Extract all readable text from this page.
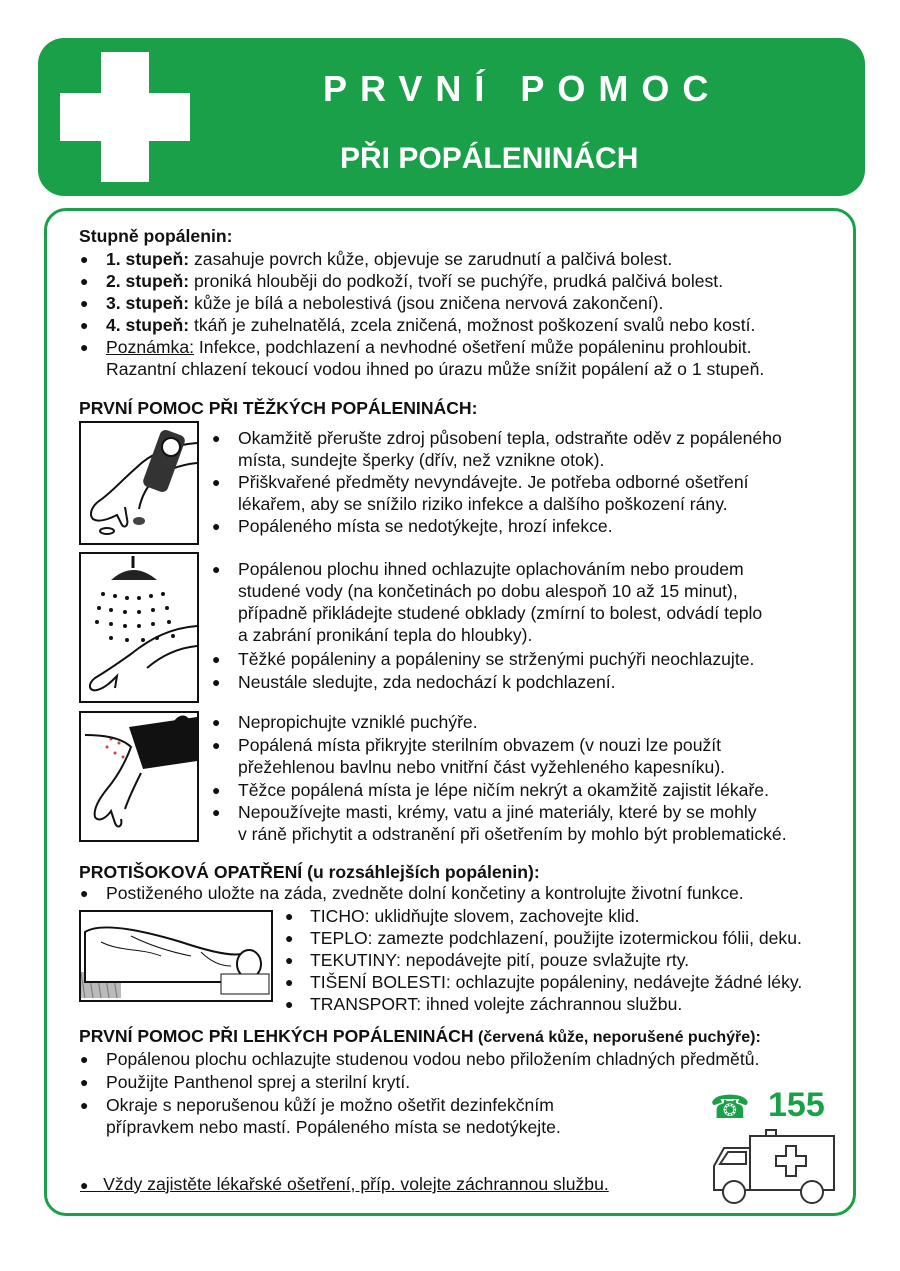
PRVNÍ POMOC
PŘI POPÁLENINÁCH
Stupně popálenin:
● 1. stupeň: zasahuje povrch kůže, objevuje se zarudnutí a palčivá bolest.
● 2. stupeň: proniká hlouběji do podkoží, tvoří se puchýře, prudká palčivá bolest.
● 3. stupeň: kůže je bílá a nebolestivá (jsou zničena nervová zakončení).
● 4. stupeň: tkáň je zuhelnatělá, zcela zničená, možnost poškození svalů nebo kostí.
● Poznámka: Infekce, podchlazení a nevhodné ošetření může popáleninu prohloubit.
Razantní chlazení tekoucí vodou ihned po úrazu může snížit popálení až o 1 stupeň.
PRVNÍ POMOC PŘI TĚŽKÝCH POPÁLENINÁCH:
● Okamžitě přerušte zdroj působení tepla, odstraňte oděv z popáleného
místa, sundejte šperky (dřív, než vznikne otok).
● Přiškvařené předměty nevyndávejte. Je potřeba odborné ošetření
lékařem, aby se snížilo riziko infekce a dalšího poškození rány.
● Popáleného místa se nedotýkejte, hrozí infekce.
● Popálenou plochu ihned ochlazujte oplachováním nebo proudem
studené vody (na končetinách po dobu alespoň 10 až 15 minut),
případně přikládejte studené obklady (zmírní to bolest, odvádí teplo
a zabrání pronikání tepla do hloubky).
● Těžké popáleniny a popáleniny se strženými puchýři neochlazujte.
● Neustále sledujte, zda nedochází k podchlazení.
● Nepropichujte vzniklé puchýře.
● Popálená místa přikryjte sterilním obvazem (v nouzi lze použít
přežehlenou bavlnu nebo vnitřní část vyžehleného kapesníku).
● Těžce popálená místa je lépe ničím nekrýt a okamžitě zajistit lékaře.
● Nepoužívejte masti, krémy, vatu a jiné materiály, které by se mohly
v ráně přichytit a odstranění při ošetřením by mohlo být problematické.
PROTIŠOKOVÁ OPATŘENÍ (u rozsáhlejších popálenin):
● Postiženého uložte na záda, zvedněte dolní končetiny a kontrolujte životní funkce.
● TICHO: uklidňujte slovem, zachovejte klid.
● TEPLO: zamezte podchlazení, použijte izotermickou fólii, deku.
● TEKUTINY: nepodávejte pití, pouze svlažujte rty.
● TIŠENÍ BOLESTI: ochlazujte popáleniny, nedávejte žádné léky.
● TRANSPORT: ihned volejte záchrannou službu.
PRVNÍ POMOC PŘI LEHKÝCH POPÁLENINÁCH (červená kůže, neporušené puchýře):
● Popálenou plochu ochlazujte studenou vodou nebo přiložením chladných předmětů.
● Použijte Panthenol sprej a sterilní krytí.
● Okraje s neporušenou kůží je možno ošetřit dezinfekčním
přípravkem nebo mastí. Popáleného místa se nedotýkejte.
● Vždy zajistěte lékařské ošetření, příp. volejte záchrannou službu.
☎ 155
